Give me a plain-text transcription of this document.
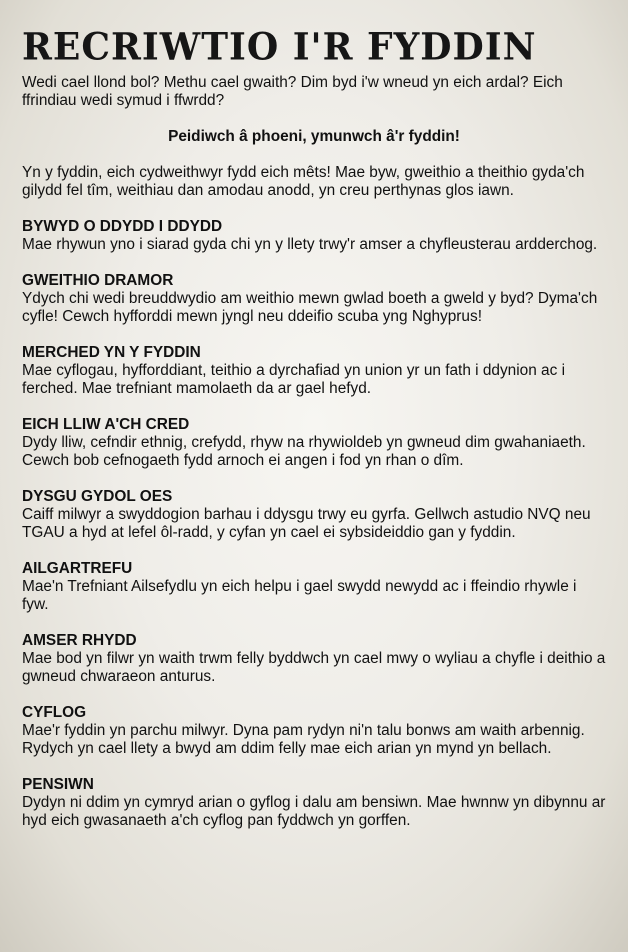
RECRIWTIO I'R FYDDIN

Wedi cael llond bol? Methu cael gwaith? Dim byd i'w wneud yn eich ardal? Eich ffrindiau wedi symud i ffwrdd?

Peidiwch â phoeni, ymunwch â'r fyddin!

Yn y fyddin, eich cydweithwyr fydd eich mêts! Mae byw, gweithio a theithio gyda'ch gilydd fel tîm, weithiau dan amodau anodd, yn creu perthynas glos iawn.

BYWYD O DDYDD I DDYDD

Mae rhywun yno i siarad gyda chi yn y llety trwy'r amser a chyfleusterau ardderchog.

GWEITHIO DRAMOR

Ydych chi wedi breuddwydio am weithio mewn gwlad boeth a gweld y byd? Dyma'ch cyfle! Cewch hyfforddi mewn jyngl neu ddeifio scuba yng Nghyprus!

MERCHED YN Y FYDDIN

Mae cyflogau, hyfforddiant, teithio a dyrchafiad yn union yr un fath i ddynion ac i ferched. Mae trefniant mamolaeth da ar gael hefyd.

EICH LLIW A'CH CRED

Dydy lliw, cefndir ethnig, crefydd, rhyw na rhywioldeb yn gwneud dim gwahaniaeth. Cewch bob cefnogaeth fydd arnoch ei angen i fod yn rhan o dîm.

DYSGU GYDOL OES

Caiff milwyr a swyddogion barhau i ddysgu trwy eu gyrfa. Gellwch astudio NVQ neu TGAU a hyd at lefel ôl-radd, y cyfan yn cael ei sybsideiddio gan y fyddin.

AILGARTREFU

Mae'n Trefniant Ailsefydlu yn eich helpu i gael swydd newydd ac i ffeindio rhywle i fyw.

AMSER RHYDD

Mae bod yn filwr yn waith trwm felly byddwch yn cael mwy o wyliau a chyfle i deithio a gwneud chwaraeon anturus.

CYFLOG

Mae'r fyddin yn parchu milwyr. Dyna pam rydyn ni'n talu bonws am waith arbennig. Rydych yn cael llety a bwyd am ddim felly mae eich arian yn mynd yn bellach.

PENSIWN

Dydyn ni ddim yn cymryd arian o gyflog i dalu am bensiwn. Mae hwnnw yn dibynnu ar hyd eich gwasanaeth a'ch cyflog pan fyddwch yn gorffen.
